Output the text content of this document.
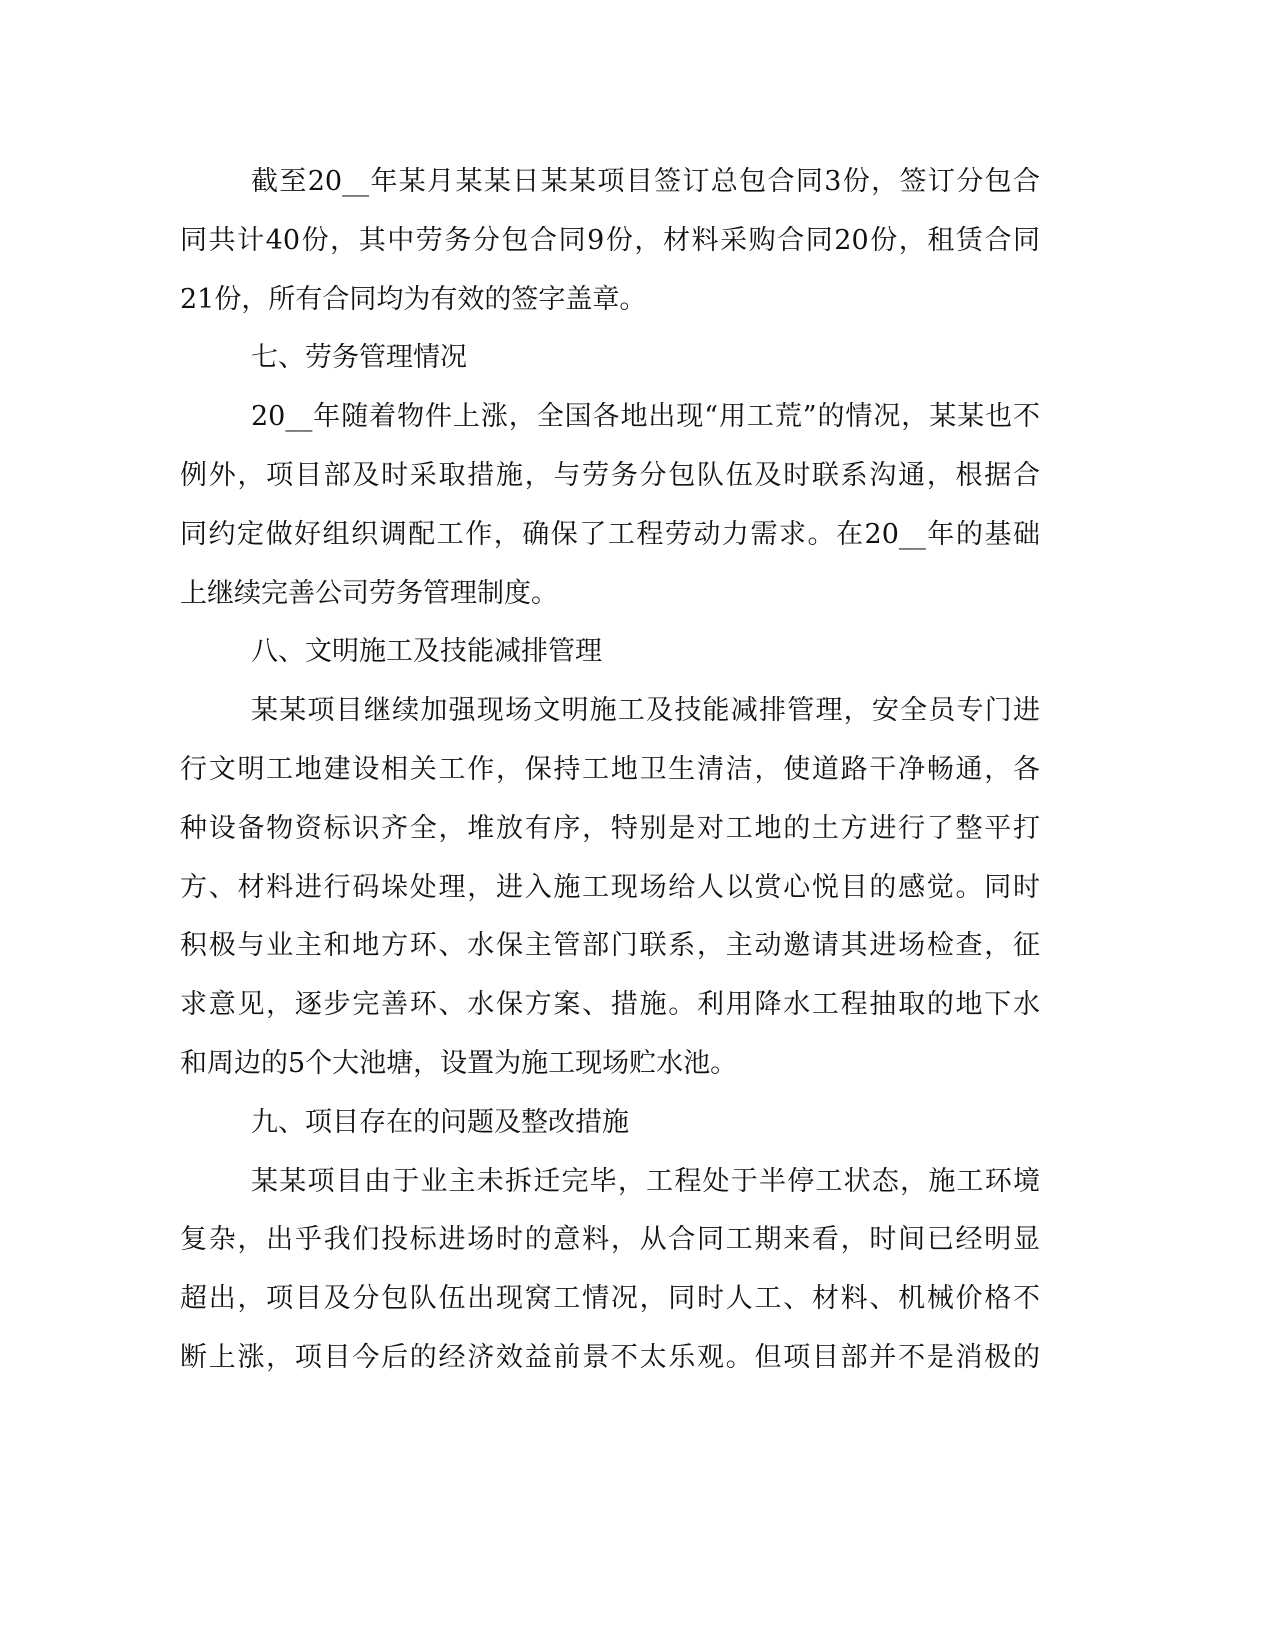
截至20__年某月某某日某某项目签订总包合同3份，签订分包合
同共计40份，其中劳务分包合同9份，材料采购合同20份，租赁合同
21份，所有合同均为有效的签字盖章。
七、劳务管理情况
20__年随着物件上涨，全国各地出现“用工荒”的情况，某某也不
例外，项目部及时采取措施，与劳务分包队伍及时联系沟通，根据合
同约定做好组织调配工作，确保了工程劳动力需求。在20__年的基础
上继续完善公司劳务管理制度。
八、文明施工及技能减排管理
某某项目继续加强现场文明施工及技能减排管理，安全员专门进
行文明工地建设相关工作，保持工地卫生清洁，使道路干净畅通，各
种设备物资标识齐全，堆放有序，特别是对工地的土方进行了整平打
方、材料进行码垛处理，进入施工现场给人以赏心悦目的感觉。同时
积极与业主和地方环、水保主管部门联系，主动邀请其进场检查，征
求意见，逐步完善环、水保方案、措施。利用降水工程抽取的地下水
和周边的5个大池塘，设置为施工现场贮水池。
九、项目存在的问题及整改措施
某某项目由于业主未拆迁完毕，工程处于半停工状态，施工环境
复杂，出乎我们投标进场时的意料，从合同工期来看，时间已经明显
超出，项目及分包队伍出现窝工情况，同时人工、材料、机械价格不
断上涨，项目今后的经济效益前景不太乐观。但项目部并不是消极的
